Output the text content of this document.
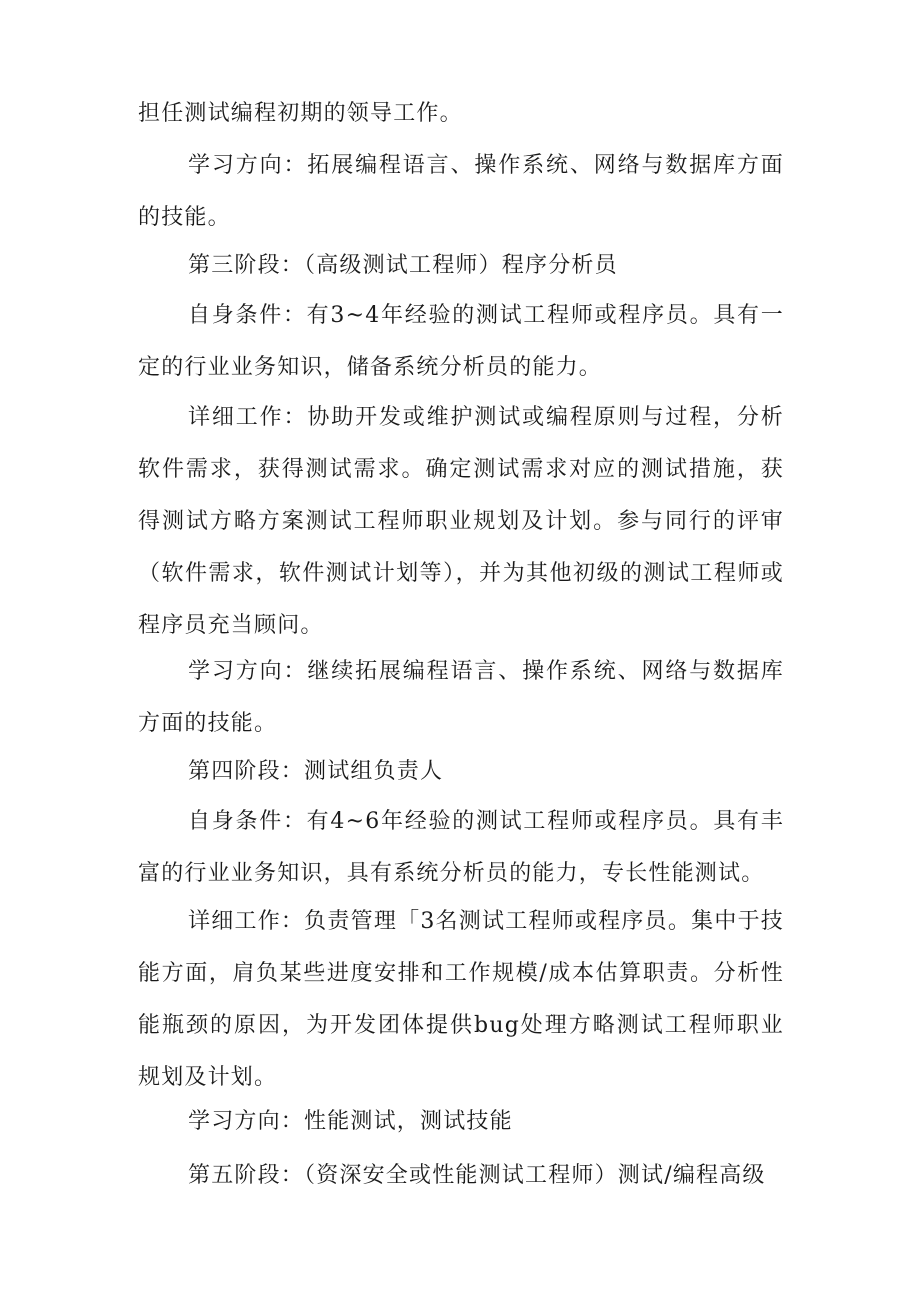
担任测试编程初期的领导工作。

学习方向：拓展编程语言、操作系统、网络与数据库方面的技能。

第三阶段：（高级测试工程师）程序分析员

自身条件：有3~4年经验的测试工程师或程序员。具有一定的行业业务知识，储备系统分析员的能力。

详细工作：协助开发或维护测试或编程原则与过程，分析软件需求，获得测试需求。确定测试需求对应的测试措施，获得测试方略方案测试工程师职业规划及计划。参与同行的评审（软件需求，软件测试计划等），并为其他初级的测试工程师或程序员充当顾问。

学习方向：继续拓展编程语言、操作系统、网络与数据库方面的技能。

第四阶段：测试组负责人

自身条件：有4~6年经验的测试工程师或程序员。具有丰富的行业业务知识，具有系统分析员的能力，专长性能测试。

详细工作：负责管理「3名测试工程师或程序员。集中于技能方面，肩负某些进度安排和工作规模/成本估算职责。分析性能瓶颈的原因，为开发团体提供bug处理方略测试工程师职业规划及计划。

学习方向：性能测试，测试技能

第五阶段：（资深安全或性能测试工程师）测试/编程高级
